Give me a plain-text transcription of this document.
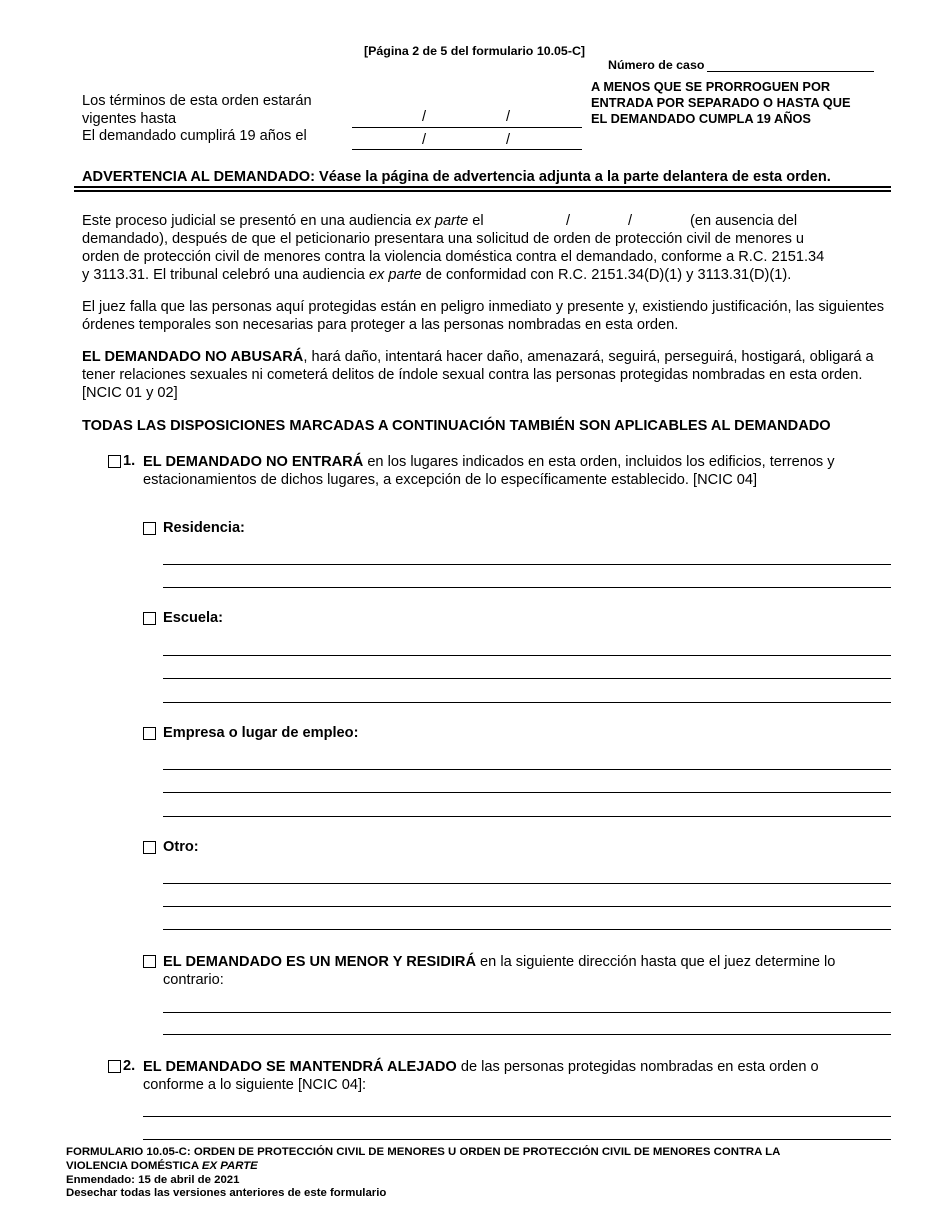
[Página 2 de 5 del formulario 10.05-C]
Número de caso
Los términos de esta orden estarán
vigentes hasta
El demandado cumplirá 19 años el
/	/
/	/
A MENOS QUE SE PRORROGUEN POR
ENTRADA POR SEPARADO O HASTA QUE
EL DEMANDADO CUMPLA 19 AÑOS
ADVERTENCIA AL DEMANDADO: Véase la página de advertencia adjunta a la parte delantera de esta orden.
Este proceso judicial se presentó en una audiencia ex parte el	/	/	(en ausencia del
demandado), después de que el peticionario presentara una solicitud de orden de protección civil de menores u
orden de protección civil de menores contra la violencia doméstica contra el demandado, conforme a R.C. 2151.34
y 3113.31. El tribunal celebró una audiencia ex parte de conformidad con R.C. 2151.34(D)(1) y 3113.31(D)(1).
El juez falla que las personas aquí protegidas están en peligro inmediato y presente y, existiendo justificación, las siguientes órdenes temporales son necesarias para proteger a las personas nombradas en esta orden.
EL DEMANDADO NO ABUSARÁ, hará daño, intentará hacer daño, amenazará, seguirá, perseguirá, hostigará, obligará a tener relaciones sexuales ni cometerá delitos de índole sexual contra las personas protegidas nombradas en esta orden. [NCIC 01 y 02]
TODAS LAS DISPOSICIONES MARCADAS A CONTINUACIÓN TAMBIÉN SON APLICABLES AL DEMANDADO
1. EL DEMANDADO NO ENTRARÁ en los lugares indicados en esta orden, incluidos los edificios, terrenos y
estacionamientos de dichos lugares, a excepción de lo específicamente establecido. [NCIC 04]
Residencia:
Escuela:
Empresa o lugar de empleo:
Otro:
EL DEMANDADO ES UN MENOR Y RESIDIRÁ en la siguiente dirección hasta que el juez determine lo
contrario:
2. EL DEMANDADO SE MANTENDRÁ ALEJADO de las personas protegidas nombradas en esta orden o
conforme a lo siguiente [NCIC 04]:
FORMULARIO 10.05-C: ORDEN DE PROTECCIÓN CIVIL DE MENORES U ORDEN DE PROTECCIÓN CIVIL DE MENORES CONTRA LA
VIOLENCIA DOMÉSTICA EX PARTE
Enmendado: 15 de abril de 2021
Desechar todas las versiones anteriores de este formulario
